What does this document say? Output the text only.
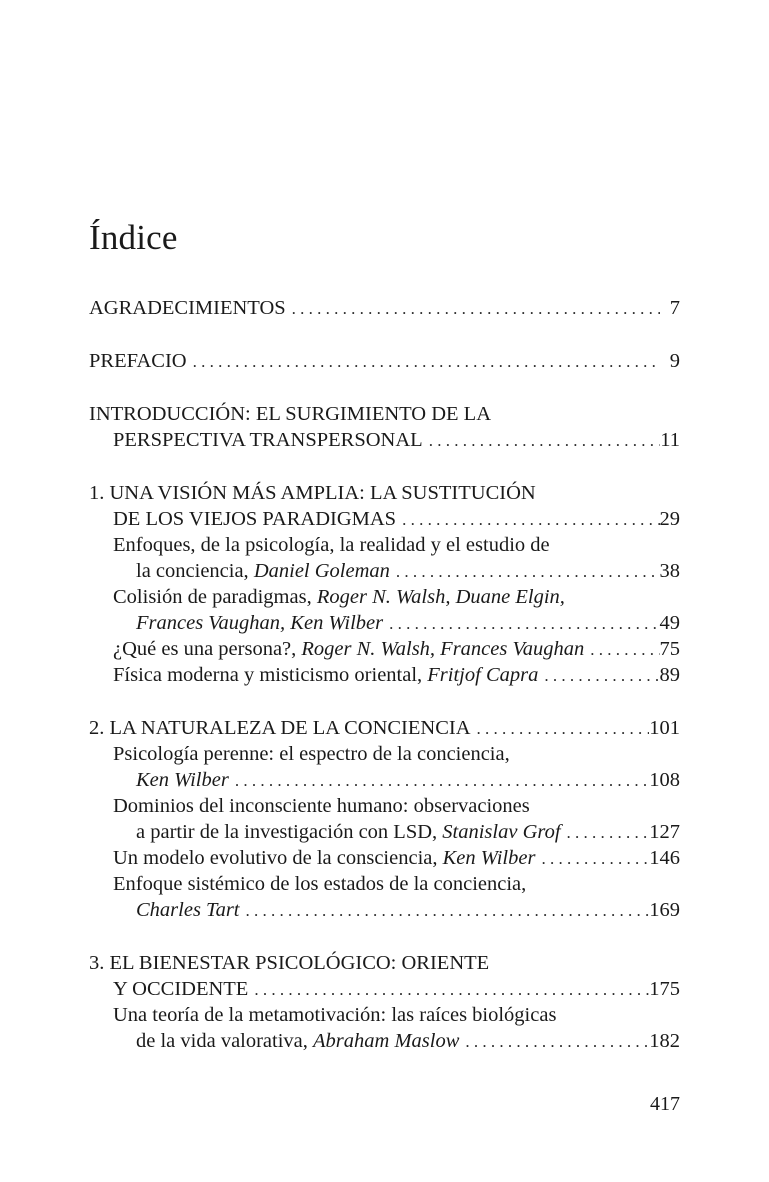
Índice
AGRADECIMIENTOS . . .	7
PREFACIO . . .	9
INTRODUCCIÓN: EL SURGIMIENTO DE LA
PERSPECTIVA TRANSPERSONAL . . .	11
1. UNA VISIÓN MÁS AMPLIA: LA SUSTITUCIÓN
DE LOS VIEJOS PARADIGMAS . . .	29
Enfoques, de la psicología, la realidad y el estudio de
la conciencia, Daniel Goleman . . .	38
Colisión de paradigmas, Roger N. Walsh, Duane Elgin,
Frances Vaughan, Ken Wilber . . .	49
¿Qué es una persona?, Roger N. Walsh, Frances Vaughan . . .	75
Física moderna y misticismo oriental, Fritjof Capra . . .	89
2. LA NATURALEZA DE LA CONCIENCIA . . .	101
Psicología perenne: el espectro de la conciencia,
Ken Wilber . . .	108
Dominios del inconsciente humano: observaciones
a partir de la investigación con LSD, Stanislav Grof . . .	127
Un modelo evolutivo de la consciencia, Ken Wilber . . .	146
Enfoque sistémico de los estados de la conciencia,
Charles Tart . . .	169
3. EL BIENESTAR PSICOLÓGICO: ORIENTE
Y OCCIDENTE . . .	175
Una teoría de la metamotivación: las raíces biológicas
de la vida valorativa, Abraham Maslow . . .	182
417
